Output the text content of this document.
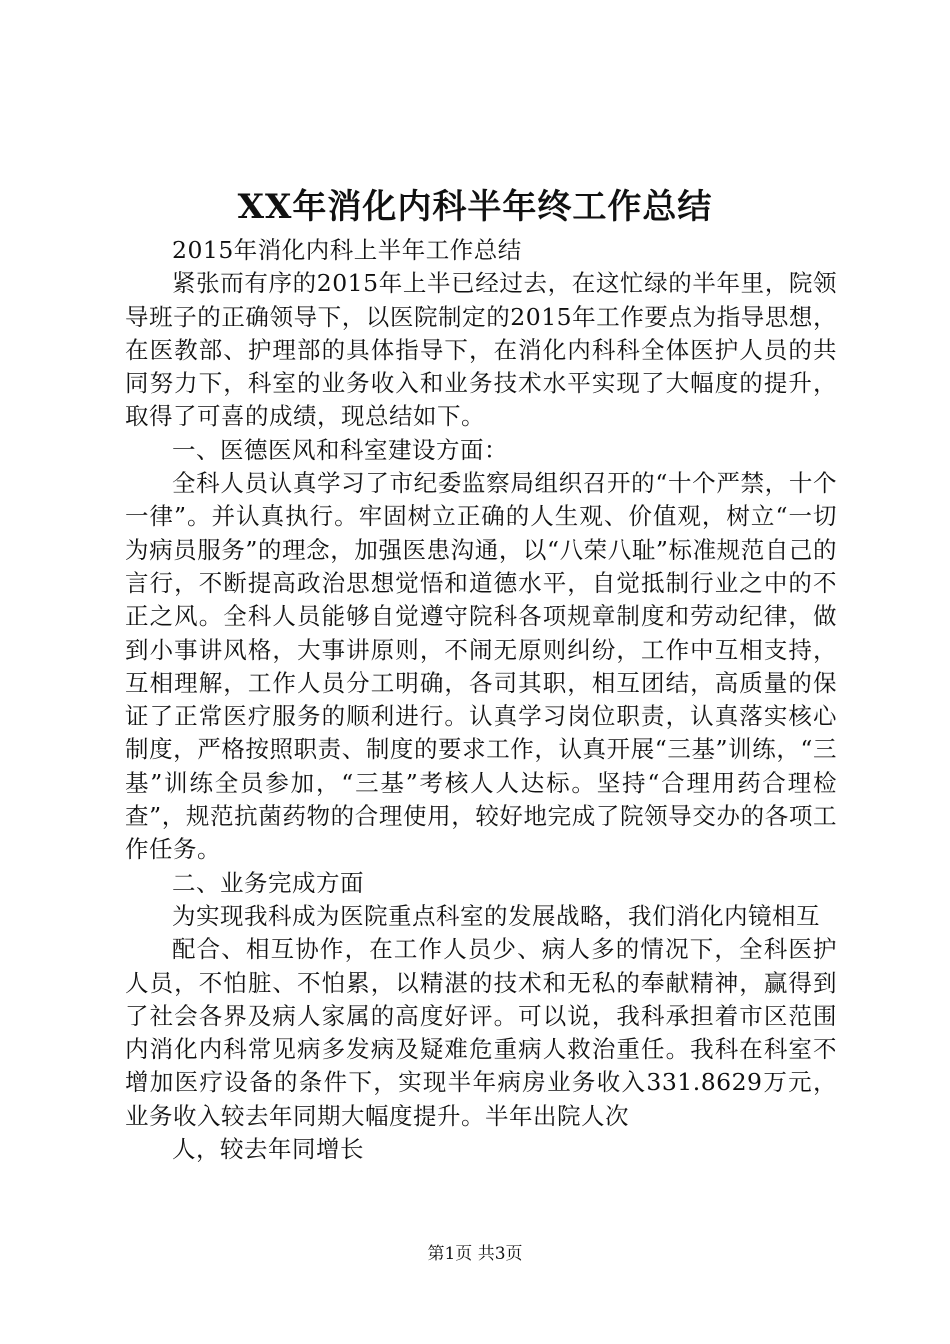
XX年消化内科半年终工作总结

2015年消化内科上半年工作总结

紧张而有序的2015年上半已经过去，在这忙绿的半年里，院领导班子的正确领导下，以医院制定的2015年工作要点为指导思想，在医教部、护理部的具体指导下，在消化内科科全体医护人员的共同努力下，科室的业务收入和业务技术水平实现了大幅度的提升，取得了可喜的成绩，现总结如下。

一、医德医风和科室建设方面：

全科人员认真学习了市纪委监察局组织召开的“十个严禁，十个一律”。并认真执行。牢固树立正确的人生观、价值观，树立“一切为病员服务”的理念，加强医患沟通，以“八荣八耻”标准规范自己的言行，不断提高政治思想觉悟和道德水平，自觉抵制行业之中的不正之风。全科人员能够自觉遵守院科各项规章制度和劳动纪律，做到小事讲风格，大事讲原则，不闹无原则纠纷，工作中互相支持，互相理解，工作人员分工明确，各司其职，相互团结，高质量的保证了正常医疗服务的顺利进行。认真学习岗位职责，认真落实核心制度，严格按照职责、制度的要求工作，认真开展“三基”训练，“三基”训练全员参加，“三基”考核人人达标。坚持“合理用药合理检查”，规范抗菌药物的合理使用，较好地完成了院领导交办的各项工作任务。

二、业务完成方面

为实现我科成为医院重点科室的发展战略，我们消化内镜相互

配合、相互协作，在工作人员少、病人多的情况下，全科医护人员，不怕脏、不怕累，以精湛的技术和无私的奉献精神，赢得到了社会各界及病人家属的高度好评。可以说，我科承担着市区范围内消化内科常见病多发病及疑难危重病人救治重任。我科在科室不增加医疗设备的条件下，实现半年病房业务收入331.8629万元，业务收入较去年同期大幅度提升。半年出院人次

人，较去年同增长

第1页 共3页
